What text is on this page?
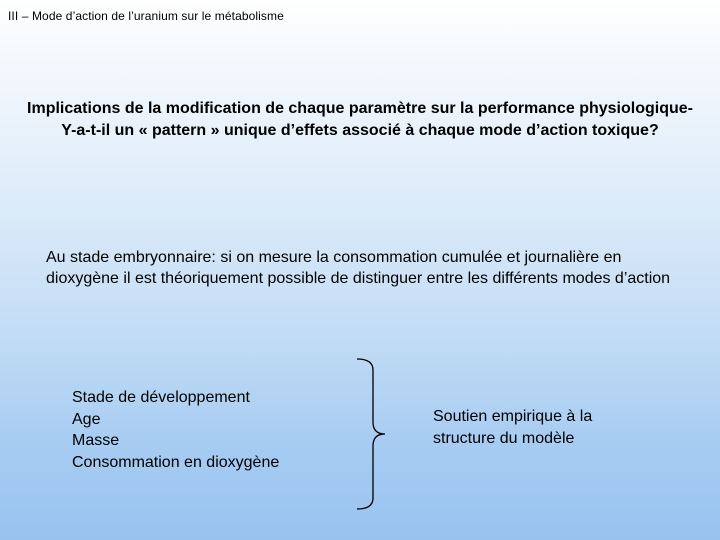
III – Mode d’action de l’uranium sur le métabolisme
Implications de la modification de chaque paramètre sur la performance physiologique- Y-a-t-il un « pattern » unique d’effets associé à chaque mode d’action toxique?

Au stade embryonnaire: si on mesure la consommation cumulée et journalière en dioxygène il est théoriquement possible de distinguer entre les différents modes d’action

Stade de développement
Age
Masse
Consommation en dioxygène

Soutien empirique à la structure du modèle
